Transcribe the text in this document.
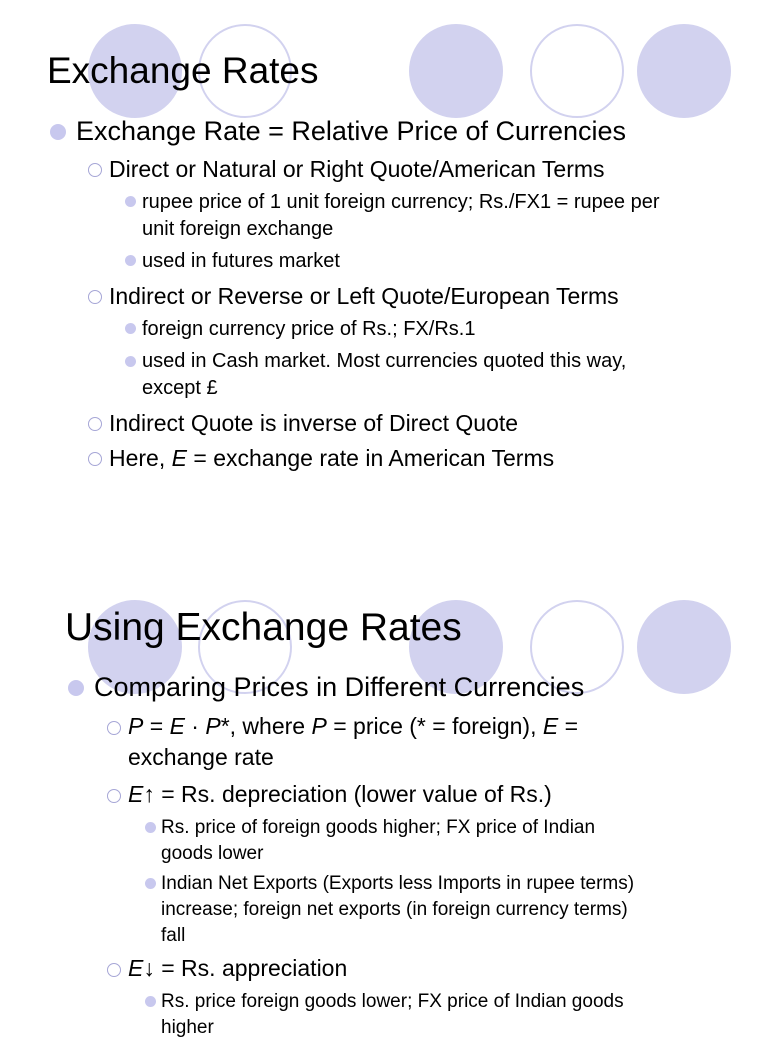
Exchange Rates
Exchange Rate = Relative Price of Currencies
Direct or Natural or Right Quote/American Terms
rupee price of 1 unit foreign currency; Rs./FX1 = rupee per
unit foreign exchange
used in futures market
Indirect or Reverse or Left Quote/European Terms
foreign currency price of Rs.; FX/Rs.1
used in Cash market. Most currencies quoted this way,
except £
Indirect Quote is inverse of Direct Quote
Here, E = exchange rate in American Terms
Using Exchange Rates
Comparing Prices in Different Currencies
P = E · P*, where P = price (* = foreign), E =
exchange rate
E↑ = Rs. depreciation (lower value of Rs.)
Rs. price of foreign goods higher; FX price of Indian
goods lower
Indian Net Exports (Exports less Imports in rupee terms)
increase; foreign net exports (in foreign currency terms)
fall
E↓ = Rs. appreciation
Rs. price foreign goods lower; FX price of Indian goods
higher
